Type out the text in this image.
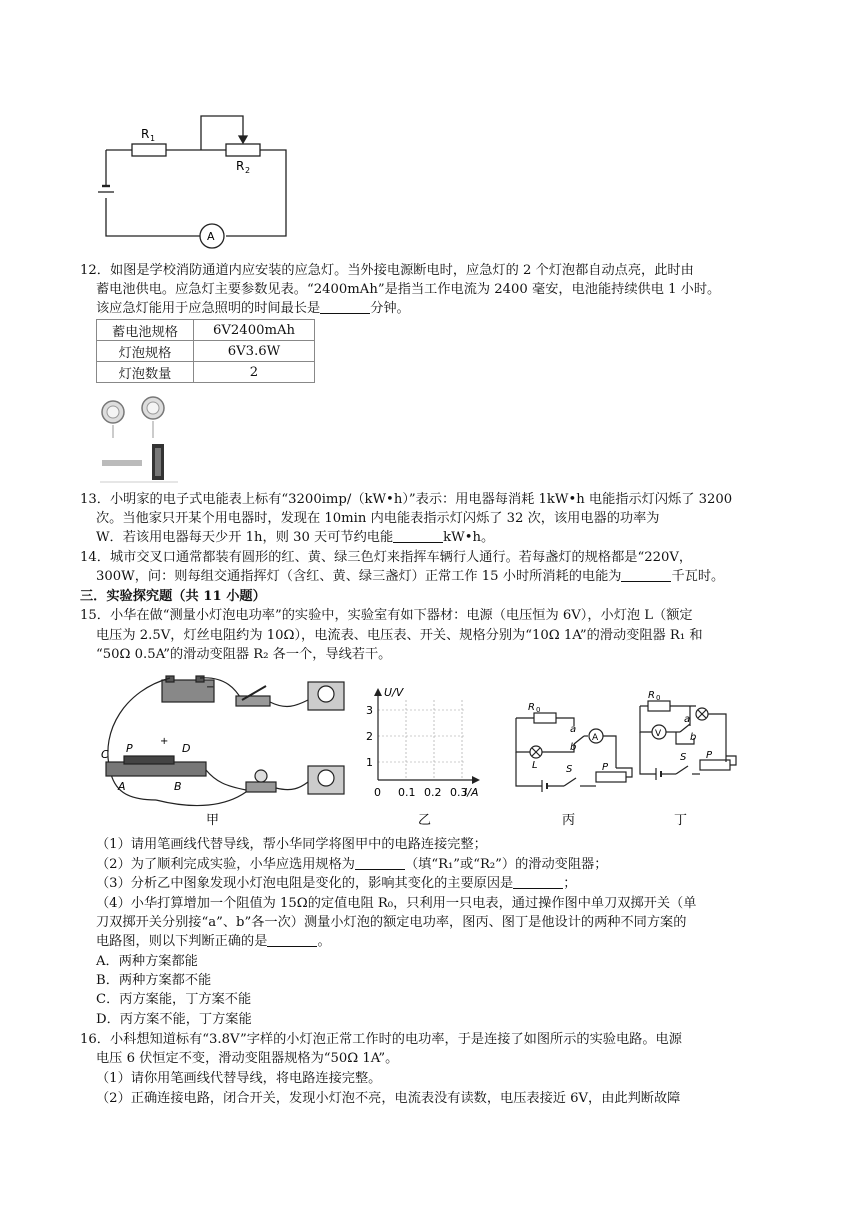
R 1
R 2
A
12．如图是学校消防通道内应安装的应急灯。当外接电源断电时，应急灯的 2 个灯泡都自动点亮，此时由
蓄电池供电。应急灯主要参数见表。“2400mAh”是指当工作电流为 2400 毫安，电池能持续供电 1 小时。
该应急灯能用于应急照明的时间最长是	分钟。
蓄电池规格	6V2400mAh
灯泡规格	6V3.6W
灯泡数量	2
13．小明家的电子式电能表上标有“3200imp/（kW•h）”表示：用电器每消耗 1kW•h 电能指示灯闪烁了 3200
次。当他家只开某个用电器时，发现在 10min 内电能表指示灯闪烁了 32 次，该用电器的功率为
W．若该用电器每天少开 1h，则 30 天可节约电能	kW•h。
14．城市交叉口通常都装有圆形的红、黄、绿三色灯来指挥车辆行人通行。若每盏灯的规格都是“220V，
300W，问：则每组交通指挥灯（含红、黄、绿三盏灯）正常工作 15 小时所消耗的电能为	千瓦时。
三．实验探究题（共 11 小题）
15．小华在做“测量小灯泡电功率”的实验中，实验室有如下器材：电源（电压恒为 6V），小灯泡 L（额定
电压为 2.5V，灯丝电阻约为 10Ω），电流表、电压表、开关、规格分别为“10Ω 1A”的滑动变阻器 R₁ 和
“50Ω 0.5A”的滑动变阻器 R₂ 各一个，导线若干。
C P	D
A	B
+
−
甲
U/V
I/A
1
2
3
0 0.1 0.2 0.3
乙
R 0
a
b
A
L	S	P
丙
R 0
a
b
V
S P
丁
（1）请用笔画线代替导线，帮小华同学将图甲中的电路连接完整；
（2）为了顺利完成实验，小华应选用规格为	（填“R₁”或“R₂”）的滑动变阻器；
（3）分析乙中图象发现小灯泡电阻是变化的，影响其变化的主要原因是	；
（4）小华打算增加一个阻值为 15Ω的定值电阻 R₀，只利用一只电表，通过操作图中单刀双掷开关（单
刀双掷开关分别接“a”、b”各一次）测量小灯泡的额定电功率，图丙、图丁是他设计的两种不同方案的
电路图，则以下判断正确的是	。
A．两种方案都能
B．两种方案都不能
C．丙方案能，丁方案不能
D．丙方案不能，丁方案能
16．小科想知道标有“3.8V”字样的小灯泡正常工作时的电功率，于是连接了如图所示的实验电路。电源
电压 6 伏恒定不变，滑动变阻器规格为“50Ω 1A”。
（1）请你用笔画线代替导线，将电路连接完整。
（2）正确连接电路，闭合开关，发现小灯泡不亮，电流表没有读数，电压表接近 6V，由此判断故障
